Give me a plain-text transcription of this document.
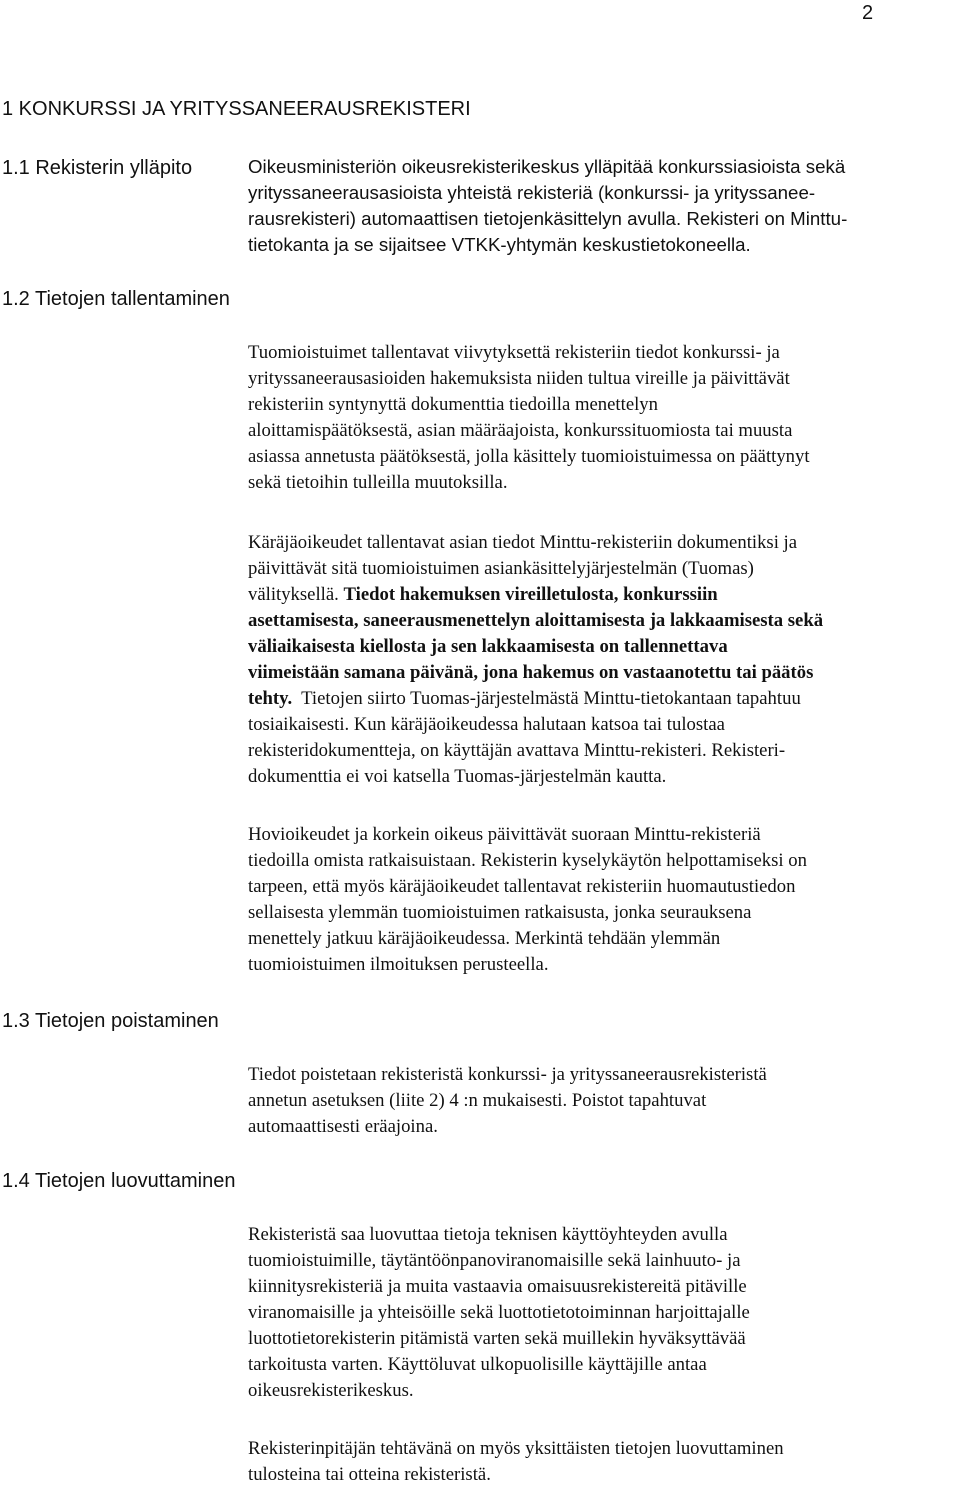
2
1 KONKURSSI JA YRITYSSANEERAUSREKISTERI
1.1 Rekisterin ylläpito	Oikeusministeriön oikeusrekisterikeskus ylläpitää konkurssiasioista sekä
yrityssaneerausasioista yhteistä rekisteriä (konkurssi- ja yrityssanee-
rausrekisteri) automaattisen tietojenkäsittelyn avulla. Rekisteri on Minttu-
tietokanta ja se sijaitsee VTKK-yhtymän keskustietokoneella.

1.2 Tietojen tallentaminen

Tuomioistuimet tallentavat viivytyksettä rekisteriin tiedot konkurssi- ja
yrityssaneerausasioiden hakemuksista niiden tultua vireille ja päivittävät
rekisteriin syntynyttä dokumenttia tiedoilla menettelyn
aloittamispäätöksestä, asian määräajoista, konkurssituomiosta tai muusta
asiassa annetusta päätöksestä, jolla käsittely tuomioistuimessa on päättynyt
sekä tietoihin tulleilla muutoksilla.

Käräjäoikeudet tallentavat asian tiedot Minttu-rekisteriin dokumentiksi ja
päivittävät sitä tuomioistuimen asiankäsittelyjärjestelmän (Tuomas)
välityksellä. Tiedot hakemuksen vireilletulosta, konkurssiin
asettamisesta, saneerausmenettelyn aloittamisesta ja lakkaamisesta sekä
väliaikaisesta kiellosta ja sen lakkaamisesta on tallennettava
viimeistään samana päivänä, jona hakemus on vastaanotettu tai päätös
tehty.  Tietojen siirto Tuomas-järjestelmästä Minttu-tietokantaan tapahtuu
tosiaikaisesti. Kun käräjäoikeudessa halutaan katsoa tai tulostaa
rekisteridokumentteja, on käyttäjän avattava Minttu-rekisteri. Rekisteri-
dokumenttia ei voi katsella Tuomas-järjestelmän kautta.

Hovioikeudet ja korkein oikeus päivittävät suoraan Minttu-rekisteriä
tiedoilla omista ratkaisuistaan. Rekisterin kyselykäytön helpottamiseksi on
tarpeen, että myös käräjäoikeudet tallentavat rekisteriin huomautustiedon
sellaisesta ylemmän tuomioistuimen ratkaisusta, jonka seurauksena
menettely jatkuu käräjäoikeudessa. Merkintä tehdään ylemmän
tuomioistuimen ilmoituksen perusteella.

1.3 Tietojen poistaminen

Tiedot poistetaan rekisteristä konkurssi- ja yrityssaneerausrekisteristä
annetun asetuksen (liite 2) 4 :n mukaisesti. Poistot tapahtuvat
automaattisesti eräajoina.

1.4 Tietojen luovuttaminen

Rekisteristä saa luovuttaa tietoja teknisen käyttöyhteyden avulla
tuomioistuimille, täytäntöönpanoviranomaisille sekä lainhuuto- ja
kiinnitysrekisteriä ja muita vastaavia omaisuusrekistereitä pitäville
viranomaisille ja yhteisöille sekä luottotietotoiminnan harjoittajalle
luottotietorekisterin pitämistä varten sekä muillekin hyväksyttävää
tarkoitusta varten. Käyttöluvat ulkopuolisille käyttäjille antaa
oikeusrekisterikeskus.

Rekisterinpitäjän tehtävänä on myös yksittäisten tietojen luovuttaminen
tulosteina tai otteina rekisteristä.
